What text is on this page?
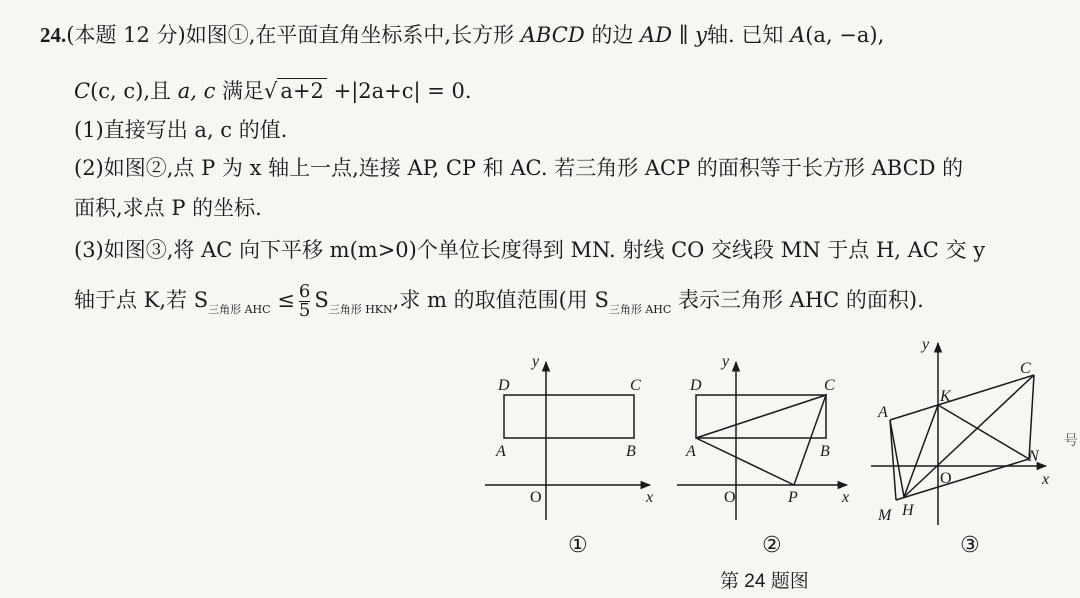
24.(本题 12 分)如图①,在平面直角坐标系中,长方形 ABCD 的边 AD ∥ y轴. 已知 A(a, −a),
C(c, c),且 a, c 满足√ a+2 +|2a+c| = 0.
(1)直接写出 a, c 的值.
(2)如图②,点 P 为 x 轴上一点,连接 AP, CP 和 AC. 若三角形 ACP 的面积等于长方形 ABCD 的
面积,求点 P 的坐标.
(3)如图③,将 AC 向下平移 m(m>0)个单位长度得到 MN. 射线 CO 交线段 MN 于点 H, AC 交 y
轴于点 K,若 $S_{三角形 AHC} \le \frac{6}{5} S_{三角形 HKN}$,求 m 的取值范围(用 $S_{三角形 AHC}$ 表示三角形 AHC 的面积).
D	C
A	B
O	x
y
D	C
A	B
O	P	x
y
A
K
C
N
O
M H
x
y
①	②	③
第 24 题图
号
